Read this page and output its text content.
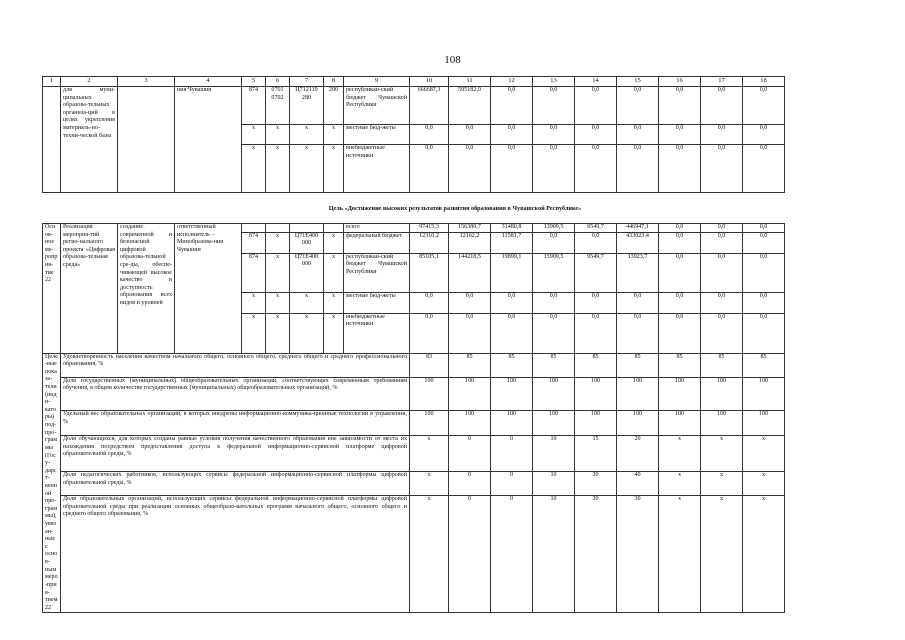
108
1	2	3	4	5	6	7	8	9	10	11	12	13	14	15	16	17	18
	для муни-ципальных образова-тельных организа-ций в целях укрепления материаль-но-техни-ческой базы		ния Чувашии	874	0701 0702	Ц712119 280	200	республикан-ский бюджет Чувашской Республики	666687,3	595182,0	0,0	0,0	0,0	0,0	0,0	0,0	0,0
				x	x	x	x	местные бюд-жеты	0,0	0,0	0,0	0,0	0,0	0,0	0,0	0,0	0,0
				x	x	x	x	внебюджетные источники	0,0	0,0	0,0	0,0	0,0	0,0	0,0	0,0	0,0
Цель «Достижение высоких результатов развития образования в Чувашской Республике»
Основ-ное ме-роприя-тие 22	Реализация мероприя-тий регио-нального проекта «Цифровая образова-тельная среда»	создание современной и безопасной цифровой образова-тельной сре-ды, обеспе-чивающей высокое качество и доступность образования всех видов и уровней	ответственный исполнитель – Минобразова-ния Чувашии					всего	97415,3	156380,7	31480,8	13909,5	9549,7	446947,1	0,0	0,0	0,0
				874	x	Ц71Е400 000	x	федеральный бюджет	12310,2	12162,2	11581,7	0,0	0,0	433023,4	0,0	0,0	0,0
				874	x	Ц71Е400 000	x	республикан-ский бюджет Чувашской Республики	85105,1	144218,5	19899,1	13909,5	9549,7	13923,7	0,0	0,0	0,0
				x	x	x	x	местные бюд-жеты	0,0	0,0	0,0	0,0	0,0	0,0	0,0	0,0	0,0
				x	x	x	x	внебюджетные источники	0,0	0,0	0,0	0,0	0,0	0,0	0,0	0,0	0,0
Целе-вые показа-тели (инди-каторы) под-про-граммы (Госу-дарст-венной про-граммы), увязан-ные с основ-ным меро-прия-тием 22	Удовлетворенность населения качеством начального общего, основного общего, среднего общего и среднего профессионального образования, %								83	85	85	85	85	85	85	85	85
	Доля государственных (муниципальных) общеобразовательных организаций, соответствующих современным требованиям обучения, в общем количестве государственных (муниципальных) общеобразовательных организаций, %								100	100	100	100	100	100	100	100	100
	Удельный вес образовательных организаций, в которых внедрены информационно-коммуника-ционные технологии в управлении, %								100	100	100	100	100	100	100	100	100
	Доля обучающихся, для которых созданы равные условия получения качественного образования вне зависимости от места их нахождения посредством предоставления доступа к федеральной информационно-сервисной платформе цифровой образовательной среды, %								x	0	0	10	15	20	x	x	x
	Доля педагогических работников, использующих сервисы федеральной информационно-сервисной платформы цифровой образовательной среды, %								x	0	0	10	20	40	x	x	x
	Доля образовательных организаций, использующих сервисы федеральной информационно-сервисной платформы цифровой образовательной среды при реализации основных общеобразо-вательных программ начального общего, основного общего и среднего общего образования, %								x	0	0	10	20	30	x	x	x
